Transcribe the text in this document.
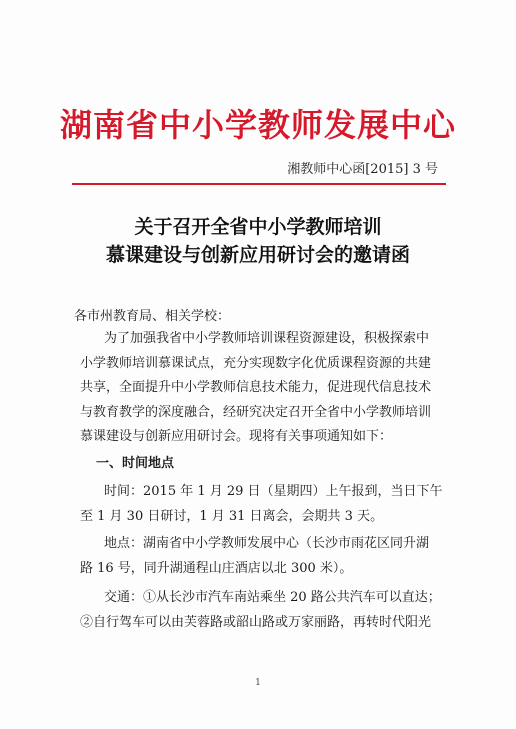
湖南省中小学教师发展中心
湘教师中心函[2015] 3 号
关于召开全省中小学教师培训
慕课建设与创新应用研讨会的邀请函
各市州教育局、相关学校：
为了加强我省中小学教师培训课程资源建设，积极探索中
小学教师培训慕课试点，充分实现数字化优质课程资源的共建
共享，全面提升中小学教师信息技术能力，促进现代信息技术
与教育教学的深度融合，经研究决定召开全省中小学教师培训
慕课建设与创新应用研讨会。现将有关事项通知如下：
一、时间地点
时间：2015 年 1 月 29 日（星期四）上午报到，当日下午
至 1 月 30 日研讨，1 月 31 日离会，会期共 3 天。
地点：湖南省中小学教师发展中心（长沙市雨花区同升湖
路 16 号，同升湖通程山庄酒店以北 300 米）。
交通：①从长沙市汽车南站乘坐 20 路公共汽车可以直达；
②自行驾车可以由芙蓉路或韶山路或万家丽路，再转时代阳光
1
